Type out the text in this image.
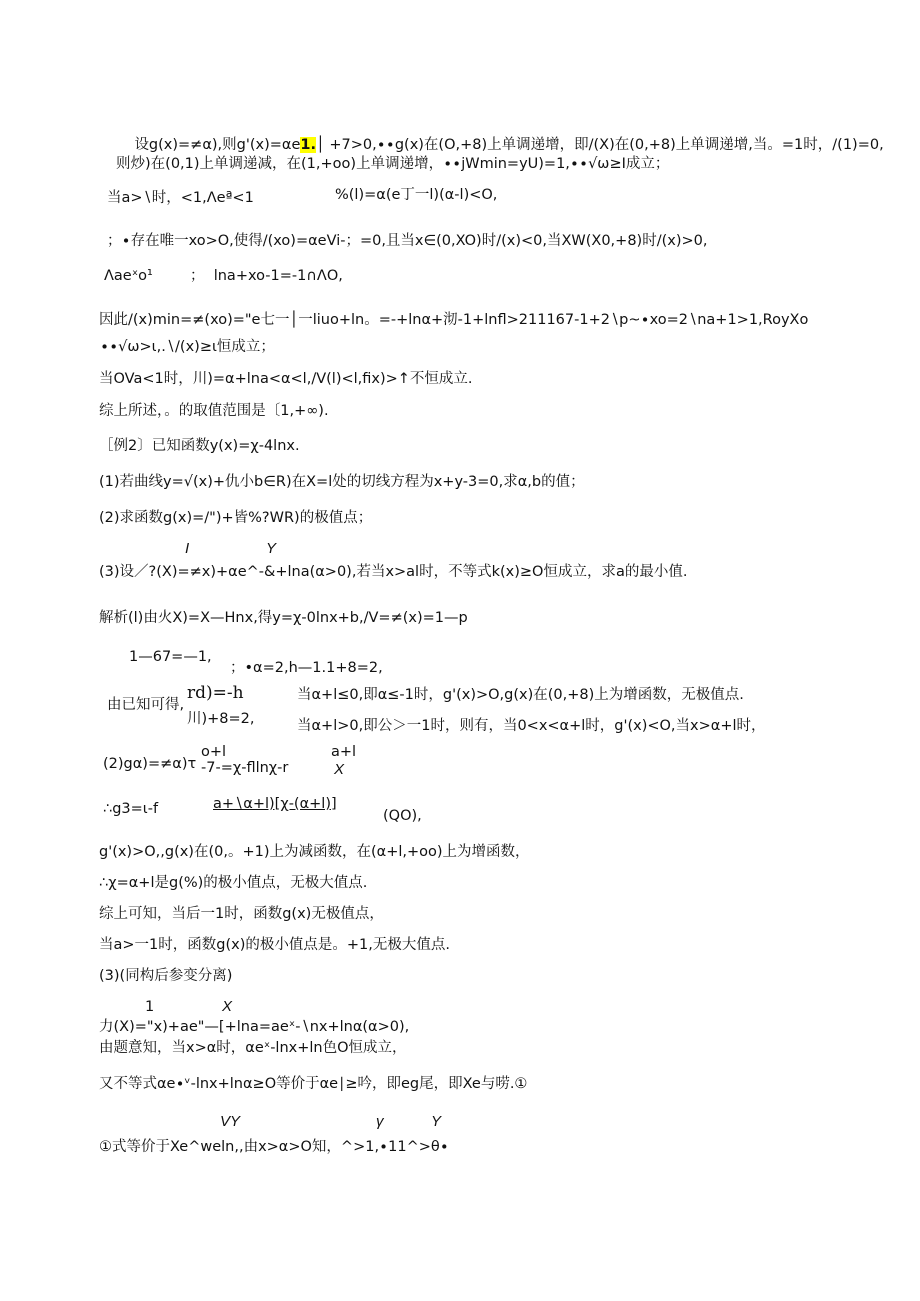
设g(x)=≠α),则g'(x)=αe1.│ +7>0,∙∙g(x)在(O,+8)上单调递增，即/(X)在(0,+8)上单调递增,当。=1时，/(1)=0,

则炒)在(0,1)上单调递减，在(1,+oo)上单调递增，∙∙jWmin=yU)=1,∙∙√ω≥I成立；
当a>∖时，<1,Λeª<1	%(l)=α(e丁一l)(α-l)<O,
；∙存在唯一xo>O,使得/(xo)=αeVi-；=0,且当x∈(0,XO)时/(x)<0,当XW(X0,+8)时/(x)>0,
Λaeˣo¹	；  lna+xo-1=-1∩ΛO,
因此/(x)min=≠(xo)="e七一│一liuo+ln。=-+lnα+沏-1+lnfl>211167-1+2∖p~∙xo=2∖na+1>1,RoyXo
∙∙√ω>ι,.∖∕(x)≥ι恒成立；
当OVa<1时，川)=α+lna<α<l,∕V(l)<l,fix)>↑不恒成立.
综上所述，。的取值范围是〔1,+∞).
［例2〕已知函数y(x)=χ-4lnx.
(1)若曲线y=√(x)+仇小b∈R)在X=l处的切线方程为x+y-3=0,求α,b的值；
(2)求函数g(x)=/")+皆%?WR)的极值点；
I	Y
(3)设／?(X)=≠x)+αe^-&+lna(α>0),若当x>al时，不等式k(x)≥O恒成立，求a的最小值.
解析(l)由火X)=X—Hnx,得y=χ-0lnx+b,∕V=≠(x)=1—p
1—67=—1,
；•α=2,h—1.1+8=2,
由已知可得,
rd)=-h
川)+8=2,
当α+l≤0,即α≤-1时，g'(x)>O,g(x)在(0,+8)上为增函数，无极值点.
当α+l>0,即公＞一1时，则有，当0<x<α+l时，g'(x)<O,当x>α+l时，
o+l	a+l
(2)gα)=≠α)τ -7-=χ-fllnχ-r	X
∴g3=ι-f	a+∖α+l)[χ-(α+l)]
(QO),
g'(x)>O,,g(x)在(0,。+1)上为减函数，在(α+l,+oo)上为增函数，
∴χ=α+l是g(%)的极小值点，无极大值点.
综上可知，当后一1时，函数g(x)无极值点，
当a>一1时，函数g(x)的极小值点是。+1,无极大值点.
(3)(同构后参变分离)
1	X
力(X)="x)+ae"—[+lna=aeˣ-∖nx+lnα(α>0),
由题意知，当x>α时，αeˣ-lnx+ln色O恒成立，
又不等式αe∙ᵛ-lnx+lnα≥O等价于αe∣≥吟，即eg尾，即Xe与唠.①
VY	γ	Y
①式等价于Xe^weln,,由x>α>O知，^>1,∙11^>θ∙
